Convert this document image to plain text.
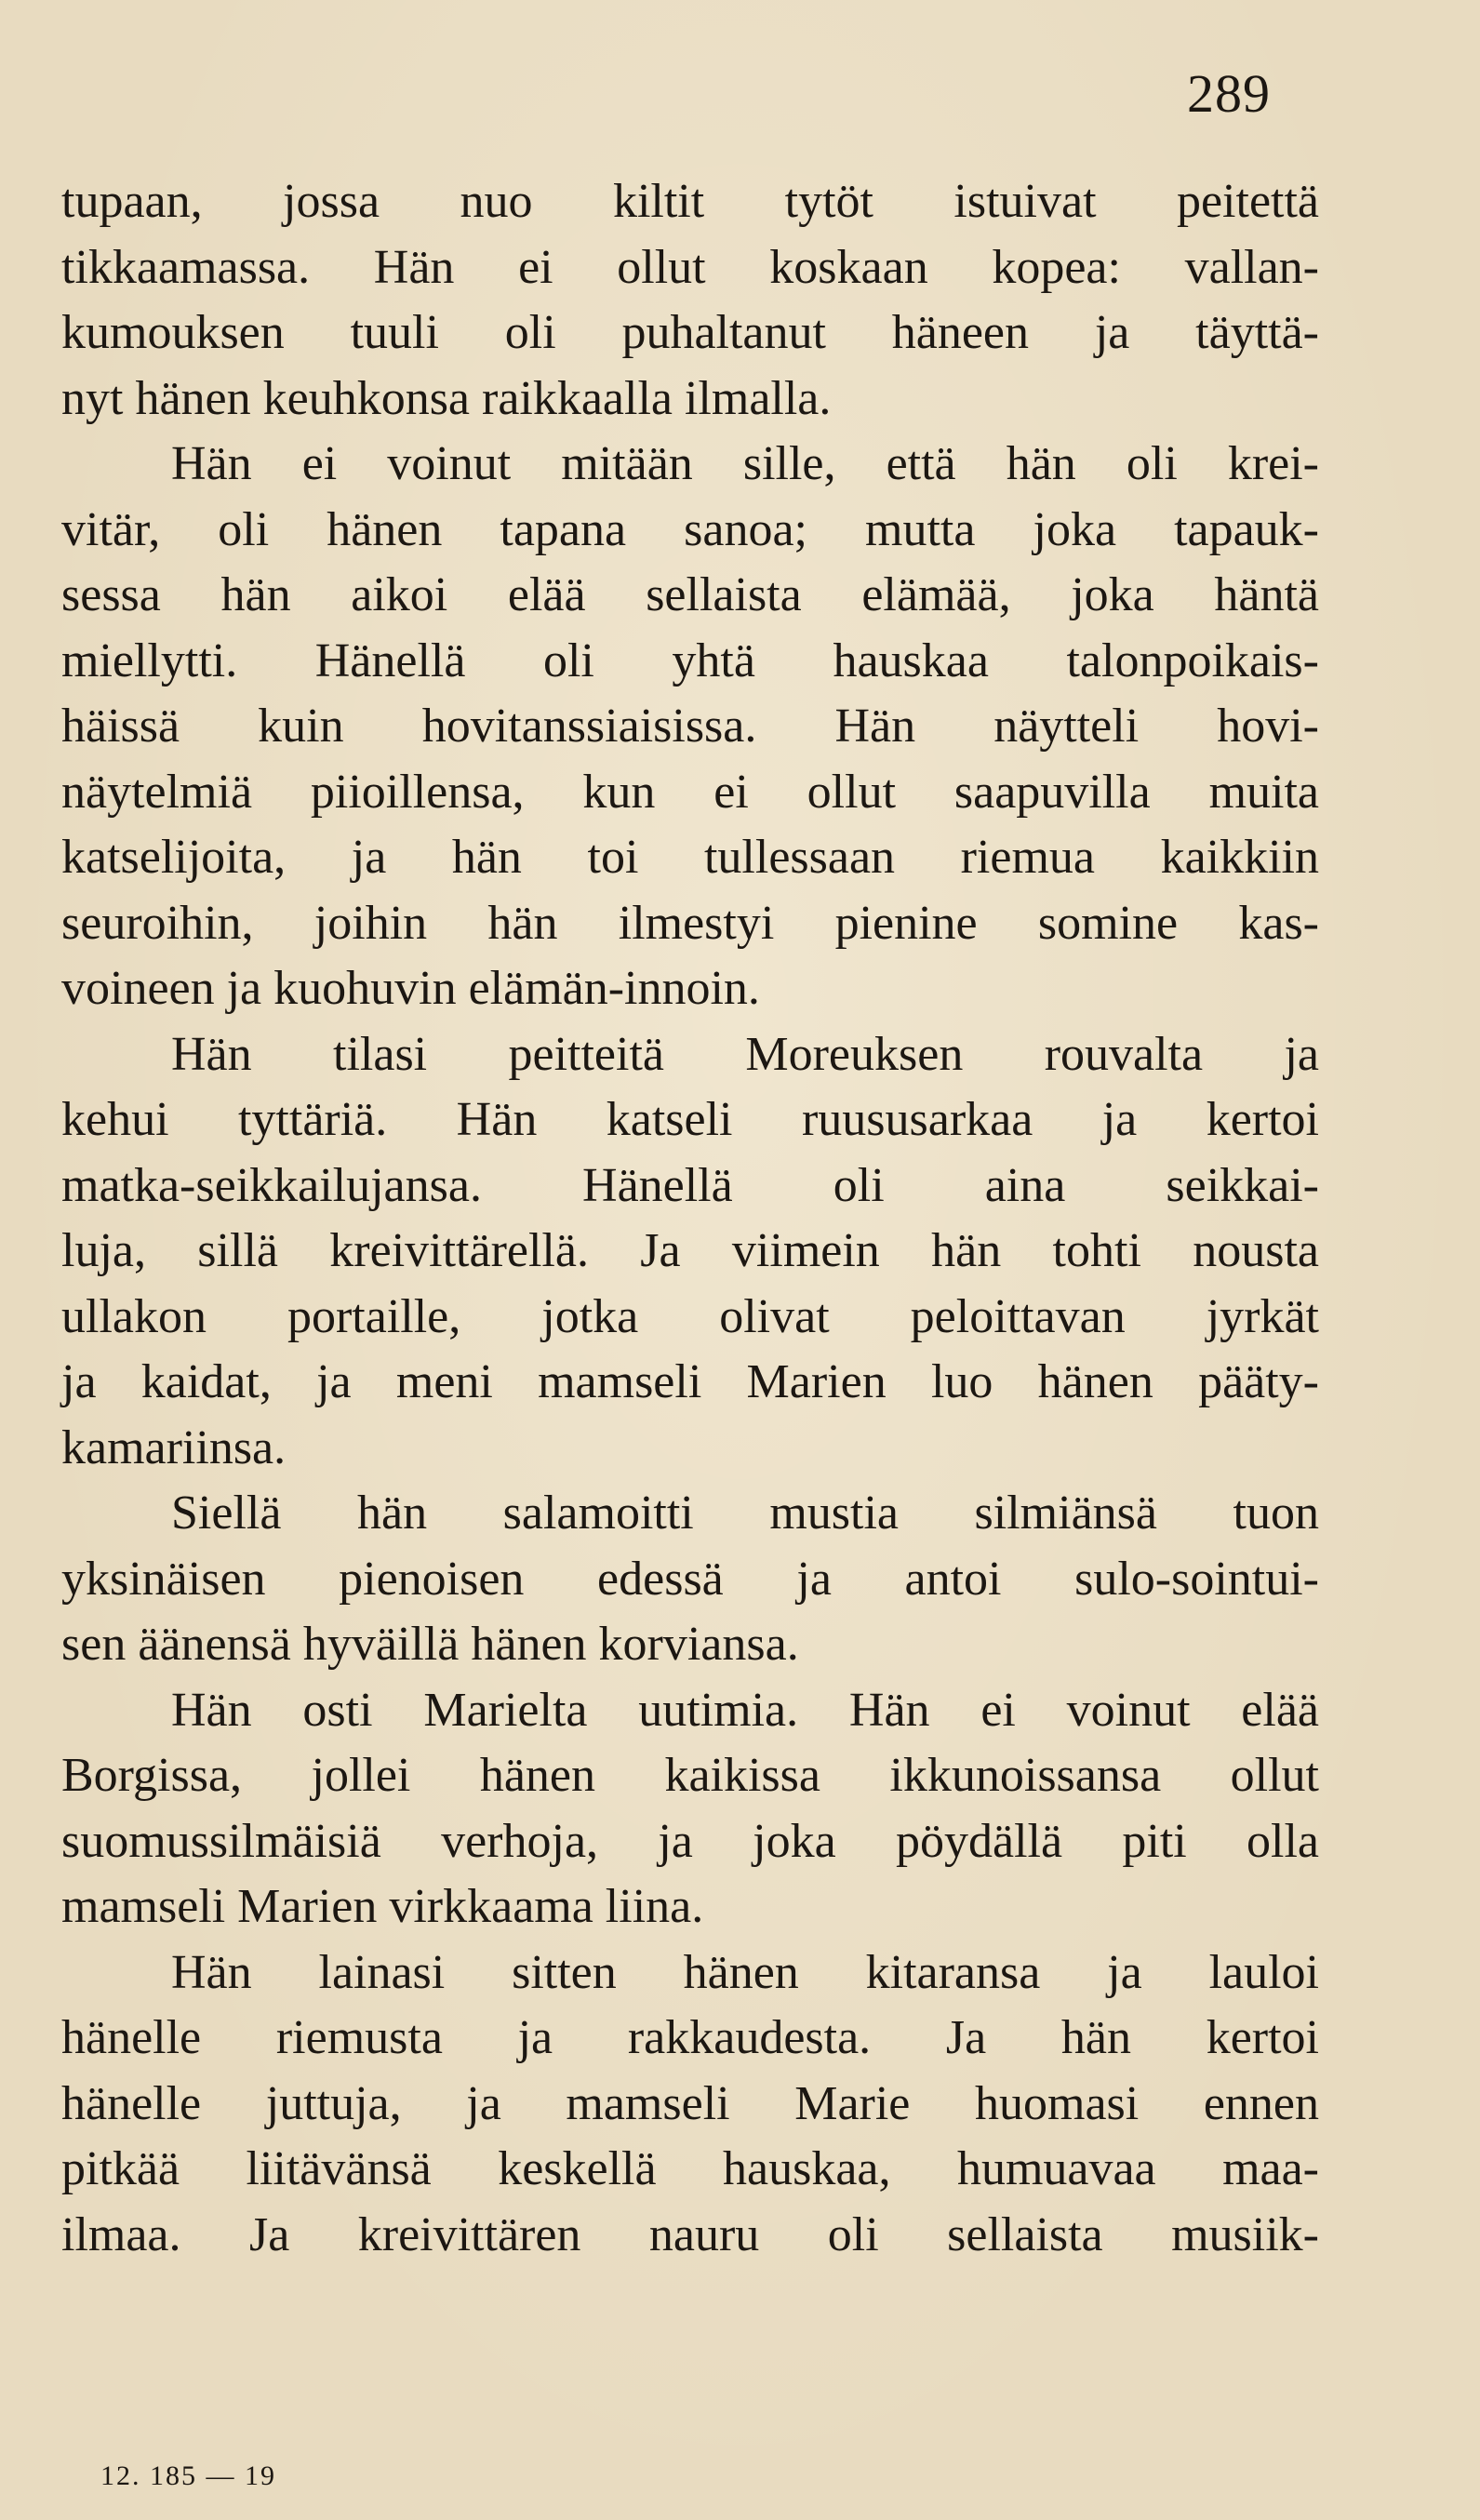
289
tupaan, jossa nuo kiltit tytöt istuivat peitettä
tikkaamassa. Hän ei ollut koskaan kopea: vallan-
kumouksen tuuli oli puhaltanut häneen ja täyttä-
nyt hänen keuhkonsa raikkaalla ilmalla.
Hän ei voinut mitään sille, että hän oli krei-
vitär, oli hänen tapana sanoa; mutta joka tapauk-
sessa hän aikoi elää sellaista elämää, joka häntä
miellytti. Hänellä oli yhtä hauskaa talonpoikais-
häissä kuin hovitanssiaisissa. Hän näytteli hovi-
näytelmiä piioillensa, kun ei ollut saapuvilla muita
katselijoita, ja hän toi tullessaan riemua kaikkiin
seuroihin, joihin hän ilmestyi pienine somine kas-
voineen ja kuohuvin elämän-innoin.
Hän tilasi peitteitä Moreuksen rouvalta ja
kehui tyttäriä. Hän katseli ruususarkaa ja kertoi
matka-seikkailujansa. Hänellä oli aina seikkai-
luja, sillä kreivittärellä. Ja viimein hän tohti nousta
ullakon portaille, jotka olivat peloittavan jyrkät
ja kaidat, ja meni mamseli Marien luo hänen pääty-
kamariinsa.
Siellä hän salamoitti mustia silmiänsä tuon
yksinäisen pienoisen edessä ja antoi sulo-sointui-
sen äänensä hyväillä hänen korviansa.
Hän osti Marielta uutimia. Hän ei voinut elää
Borgissa, jollei hänen kaikissa ikkunoissansa ollut
suomussilmäisiä verhoja, ja joka pöydällä piti olla
mamseli Marien virkkaama liina.
Hän lainasi sitten hänen kitaransa ja lauloi
hänelle riemusta ja rakkaudesta. Ja hän kertoi
hänelle juttuja, ja mamseli Marie huomasi ennen
pitkää liitävänsä keskellä hauskaa, humuavaa maa-
ilmaa. Ja kreivittären nauru oli sellaista musiik-
12. 185 — 19
